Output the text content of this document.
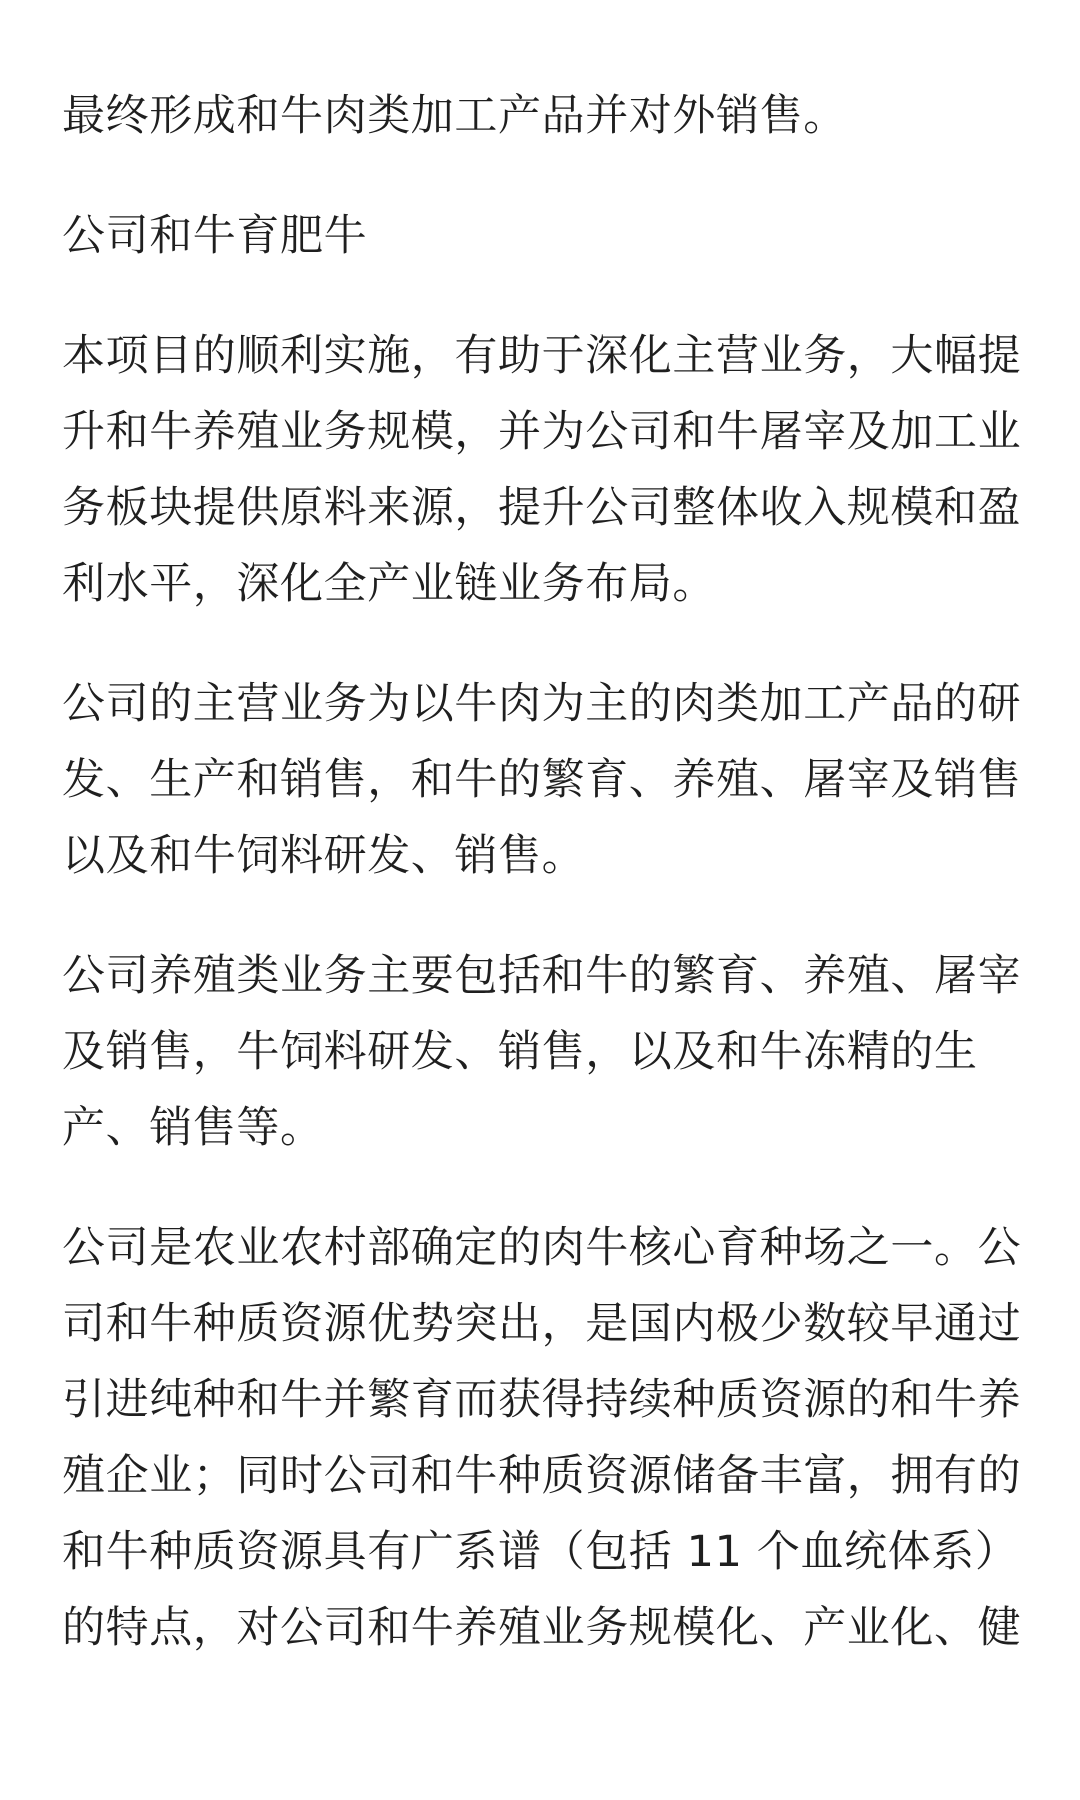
最终形成和牛肉类加工产品并对外销售。

公司和牛育肥牛

本项目的顺利实施，有助于深化主营业务，大幅提升和牛养殖业务规模，并为公司和牛屠宰及加工业务板块提供原料来源，提升公司整体收入规模和盈利水平，深化全产业链业务布局。

公司的主营业务为以牛肉为主的肉类加工产品的研发、生产和销售，和牛的繁育、养殖、屠宰及销售以及和牛饲料研发、销售。

公司养殖类业务主要包括和牛的繁育、养殖、屠宰及销售，牛饲料研发、销售，以及和牛冻精的生产、销售等。

公司是农业农村部确定的肉牛核心育种场之一。公司和牛种质资源优势突出，是国内极少数较早通过引进纯种和牛并繁育而获得持续种质资源的和牛养殖企业；同时公司和牛种质资源储备丰富，拥有的和牛种质资源具有广系谱（包括 11 个血统体系）的特点，对公司和牛养殖业务规模化、产业化、健
